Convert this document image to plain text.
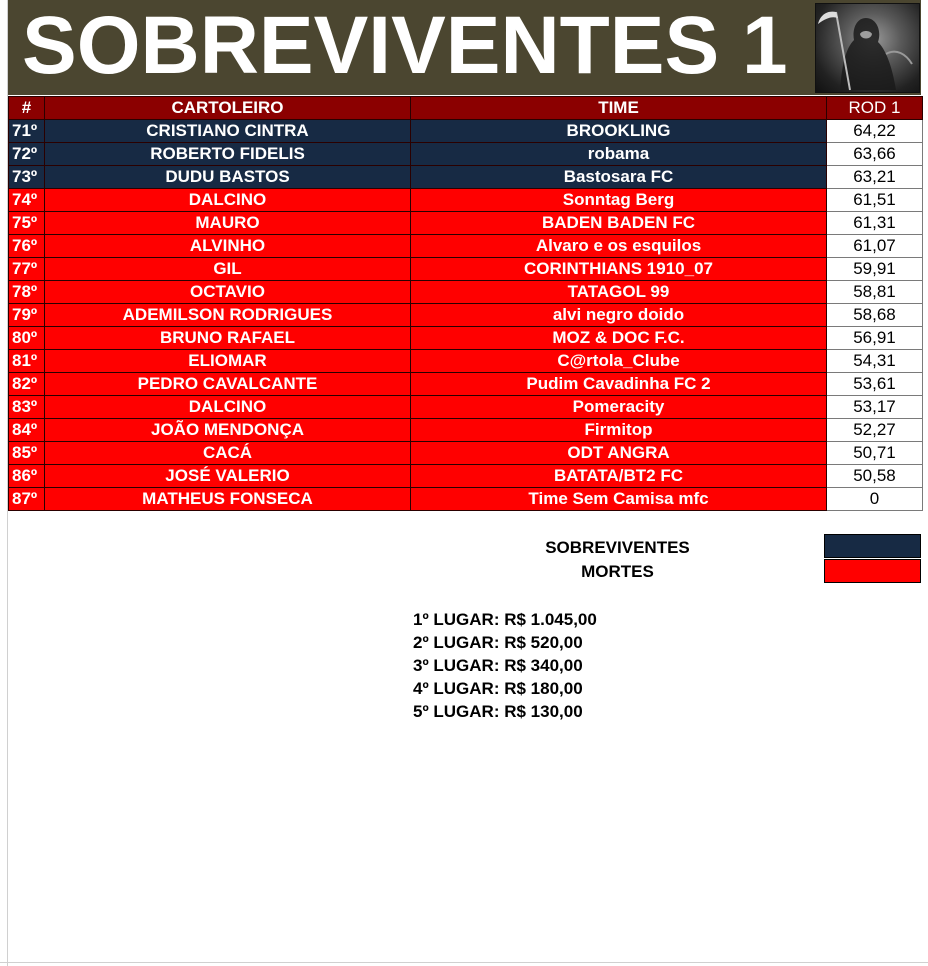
SOBREVIVENTES 1
#	CARTOLEIRO	TIME	ROD 1
71º	CRISTIANO CINTRA	BROOKLING	64,22
72º	ROBERTO FIDELIS	robama	63,66
73º	DUDU BASTOS	Bastosara FC	63,21
74º	DALCINO	Sonntag Berg	61,51
75º	MAURO	BADEN BADEN FC	61,31
76º	ALVINHO	Alvaro e os esquilos	61,07
77º	GIL	CORINTHIANS 1910_07	59,91
78º	OCTAVIO	TATAGOL 99	58,81
79º	ADEMILSON RODRIGUES	alvi negro doido	58,68
80º	BRUNO RAFAEL	MOZ & DOC F.C.	56,91
81º	ELIOMAR	C@rtola_Clube	54,31
82º	PEDRO CAVALCANTE	Pudim Cavadinha FC 2	53,61
83º	DALCINO	Pomeracity	53,17
84º	JOÃO MENDONÇA	Firmitop	52,27
85º	CACÁ	ODT ANGRA	50,71
86º	JOSÉ VALERIO	BATATA/BT2 FC	50,58
87º	MATHEUS FONSECA	Time Sem Camisa mfc	0
SOBREVIVENTES
MORTES
1º LUGAR: R$ 1.045,00
2º LUGAR: R$ 520,00
3º LUGAR: R$ 340,00
4º LUGAR: R$ 180,00
5º LUGAR: R$ 130,00
